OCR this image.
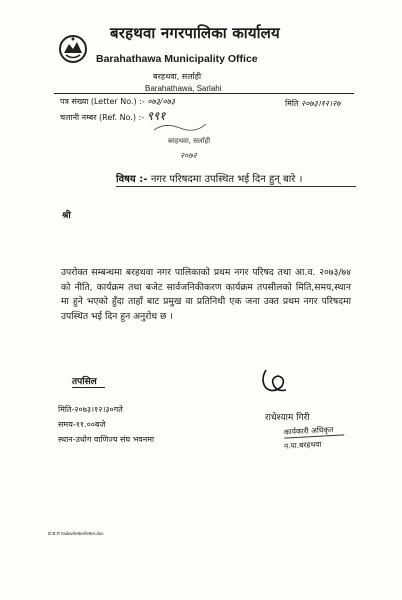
बरहथवा नगरपालिका कार्यालय
Barahathawa Municipality Office
बरहथवा, सर्लाही
Barahathawa, Sarlahi
पत्र संख्या (Letter No.) :- ०७३/०७३
चलानी नम्बर (Ref. No.) :- ९९१
मिति २०७३।१२।२७
बरहथवा, सर्लाही
२०७२
विषय :- नगर परिषदमा उपस्थित भई दिन हुन् बारे ।
श्री
उपरोक्त सम्बन्धमा बरहथवा नगर पालिकाको प्रथम नगर परिषद तथा आ.व. २०७३/७४ को नीति, कार्यक्रम तथा बजेट सार्वजनिकीकरण कार्यक्रम तपसीलको मिति,समय,स्थान मा हुने भएको हुँदा ताहाँ बाट प्रमुख वा प्रतिनिधी एक जना उक्त प्रथम नगर परिषदमा उपस्थित भई दिन हुन अनुरोध छ ।
तपसिल
मिति-२०७३।१२।३०गते
समय-११.००बजे
स्थान-उधोग वाणिज्य संघ भवनमा
राधेश्याम गिरी
कार्यकारी अधिकृत
न.पा.बरहथवा
D:B.P.Yadav/letter/letter.doc
